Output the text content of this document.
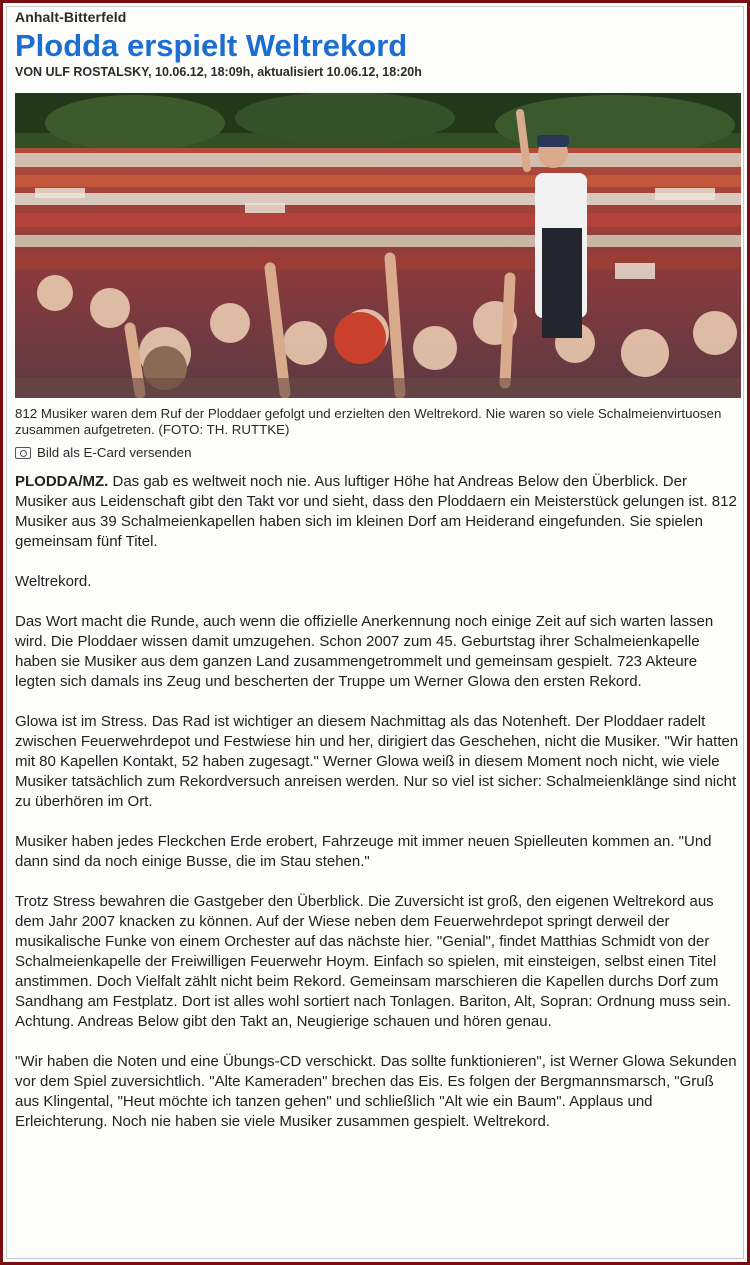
Anhalt-Bitterfeld
Plodda erspielt Weltrekord
VON ULF ROSTALSKY, 10.06.12, 18:09h, aktualisiert 10.06.12, 18:20h
812 Musiker waren dem Ruf der Ploddaer gefolgt und erzielten den Weltrekord. Nie waren so viele Schalmeienvirtuosen zusammen aufgetreten. (FOTO: TH. RUTTKE)
Bild als E-Card versenden

PLODDA/MZ. Das gab es weltweit noch nie. Aus luftiger Höhe hat Andreas Below den Überblick. Der Musiker aus Leidenschaft gibt den Takt vor und sieht, dass den Ploddaern ein Meisterstück gelungen ist. 812 Musiker aus 39 Schalmeienkapellen haben sich im kleinen Dorf am Heiderand eingefunden. Sie spielen gemeinsam fünf Titel.

Weltrekord.

Das Wort macht die Runde, auch wenn die offizielle Anerkennung noch einige Zeit auf sich warten lassen wird. Die Ploddaer wissen damit umzugehen. Schon 2007 zum 45. Geburtstag ihrer Schalmeienkapelle haben sie Musiker aus dem ganzen Land zusammengetrommelt und gemeinsam gespielt. 723 Akteure legten sich damals ins Zeug und bescherten der Truppe um Werner Glowa den ersten Rekord.

Glowa ist im Stress. Das Rad ist wichtiger an diesem Nachmittag als das Notenheft. Der Ploddaer radelt zwischen Feuerwehrdepot und Festwiese hin und her, dirigiert das Geschehen, nicht die Musiker. "Wir hatten mit 80 Kapellen Kontakt, 52 haben zugesagt." Werner Glowa weiß in diesem Moment noch nicht, wie viele Musiker tatsächlich zum Rekordversuch anreisen werden. Nur so viel ist sicher: Schalmeienklänge sind nicht zu überhören im Ort.

Musiker haben jedes Fleckchen Erde erobert, Fahrzeuge mit immer neuen Spielleuten kommen an. "Und dann sind da noch einige Busse, die im Stau stehen."

Trotz Stress bewahren die Gastgeber den Überblick. Die Zuversicht ist groß, den eigenen Weltrekord aus dem Jahr 2007 knacken zu können. Auf der Wiese neben dem Feuerwehrdepot springt derweil der musikalische Funke von einem Orchester auf das nächste hier. "Genial", findet Matthias Schmidt von der Schalmeienkapelle der Freiwilligen Feuerwehr Hoym. Einfach so spielen, mit einsteigen, selbst einen Titel anstimmen. Doch Vielfalt zählt nicht beim Rekord. Gemeinsam marschieren die Kapellen durchs Dorf zum Sandhang am Festplatz. Dort ist alles wohl sortiert nach Tonlagen. Bariton, Alt, Sopran: Ordnung muss sein. Achtung. Andreas Below gibt den Takt an, Neugierige schauen und hören genau.

"Wir haben die Noten und eine Übungs-CD verschickt. Das sollte funktionieren", ist Werner Glowa Sekunden vor dem Spiel zuversichtlich. "Alte Kameraden" brechen das Eis. Es folgen der Bergmannsmarsch, "Gruß aus Klingental, "Heut möchte ich tanzen gehen" und schließlich "Alt wie ein Baum". Applaus und Erleichterung. Noch nie haben sie viele Musiker zusammen gespielt. Weltrekord.
